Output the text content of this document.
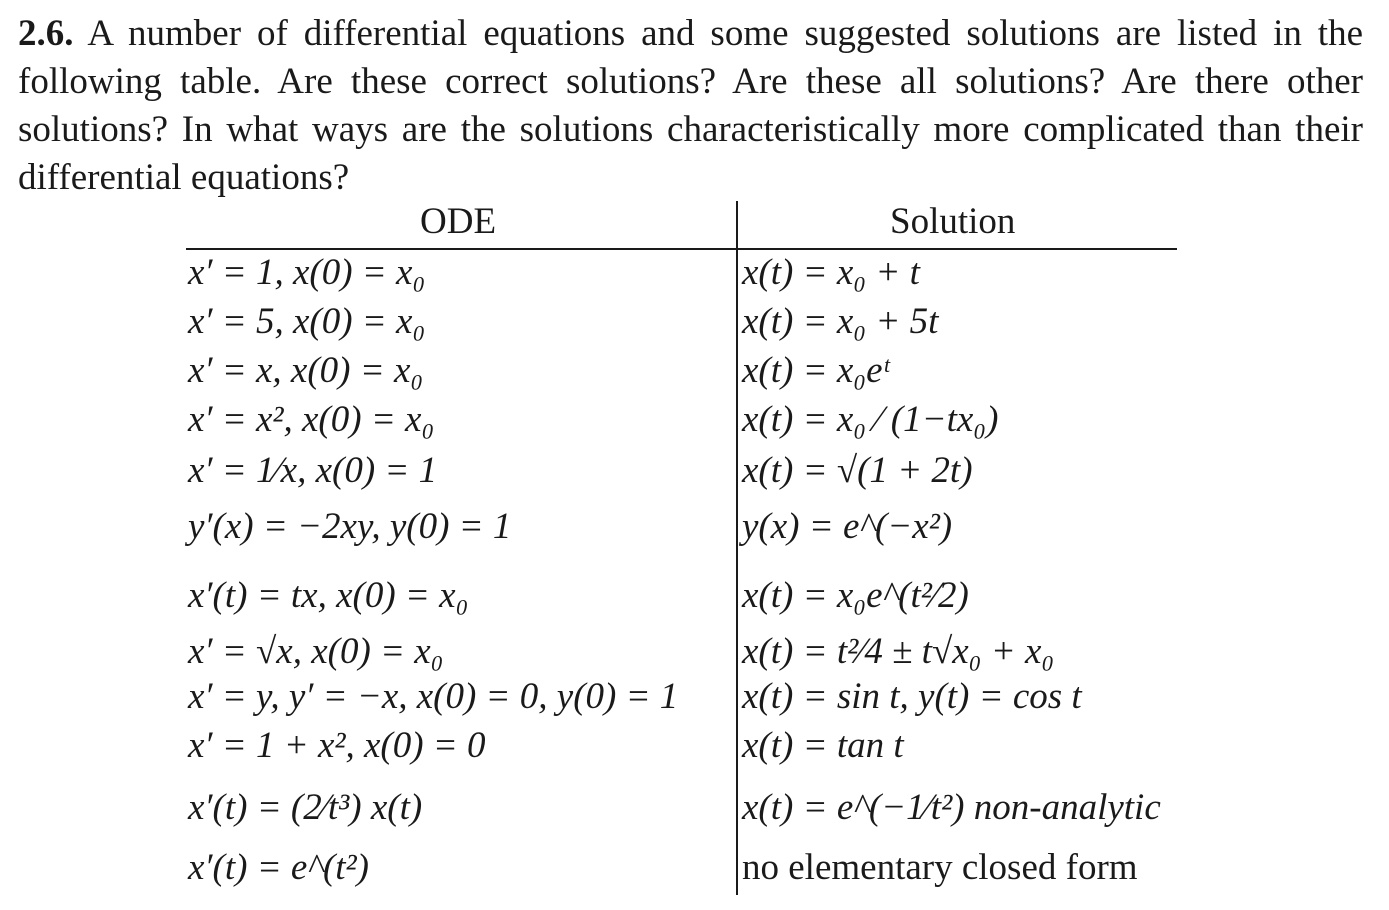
2.6. A number of differential equations and some suggested solutions are listed in the following table. Are these correct solutions? Are these all solutions? Are there other solutions? In what ways are the solutions characteristically more complicated than their differential equations?
ODE	Solution
x′ = 1, x(0) = x₀	x(t) = x₀ + t
x′ = 5, x(0) = x₀	x(t) = x₀ + 5t
x′ = x, x(0) = x₀	x(t) = x₀eᵗ
x′ = x², x(0) = x₀	x(t) = x₀ ⁄ (1−tx₀)
x′ = 1⁄x, x(0) = 1	x(t) = √(1 + 2t)
y′(x) = −2xy, y(0) = 1	y(x) = e^(−x²)
x′(t) = tx, x(0) = x₀	x(t) = x₀e^(t²⁄2)
x′ = √x, x(0) = x₀	x(t) = t²⁄4 ± t√x₀ + x₀
x′ = y, y′ = −x, x(0) = 0, y(0) = 1	x(t) = sin t, y(t) = cos t
x′ = 1 + x², x(0) = 0	x(t) = tan t
x′(t) = (2⁄t³) x(t)	x(t) = e^(−1⁄t²) non-analytic
x′(t) = e^(t²)	no elementary closed form
